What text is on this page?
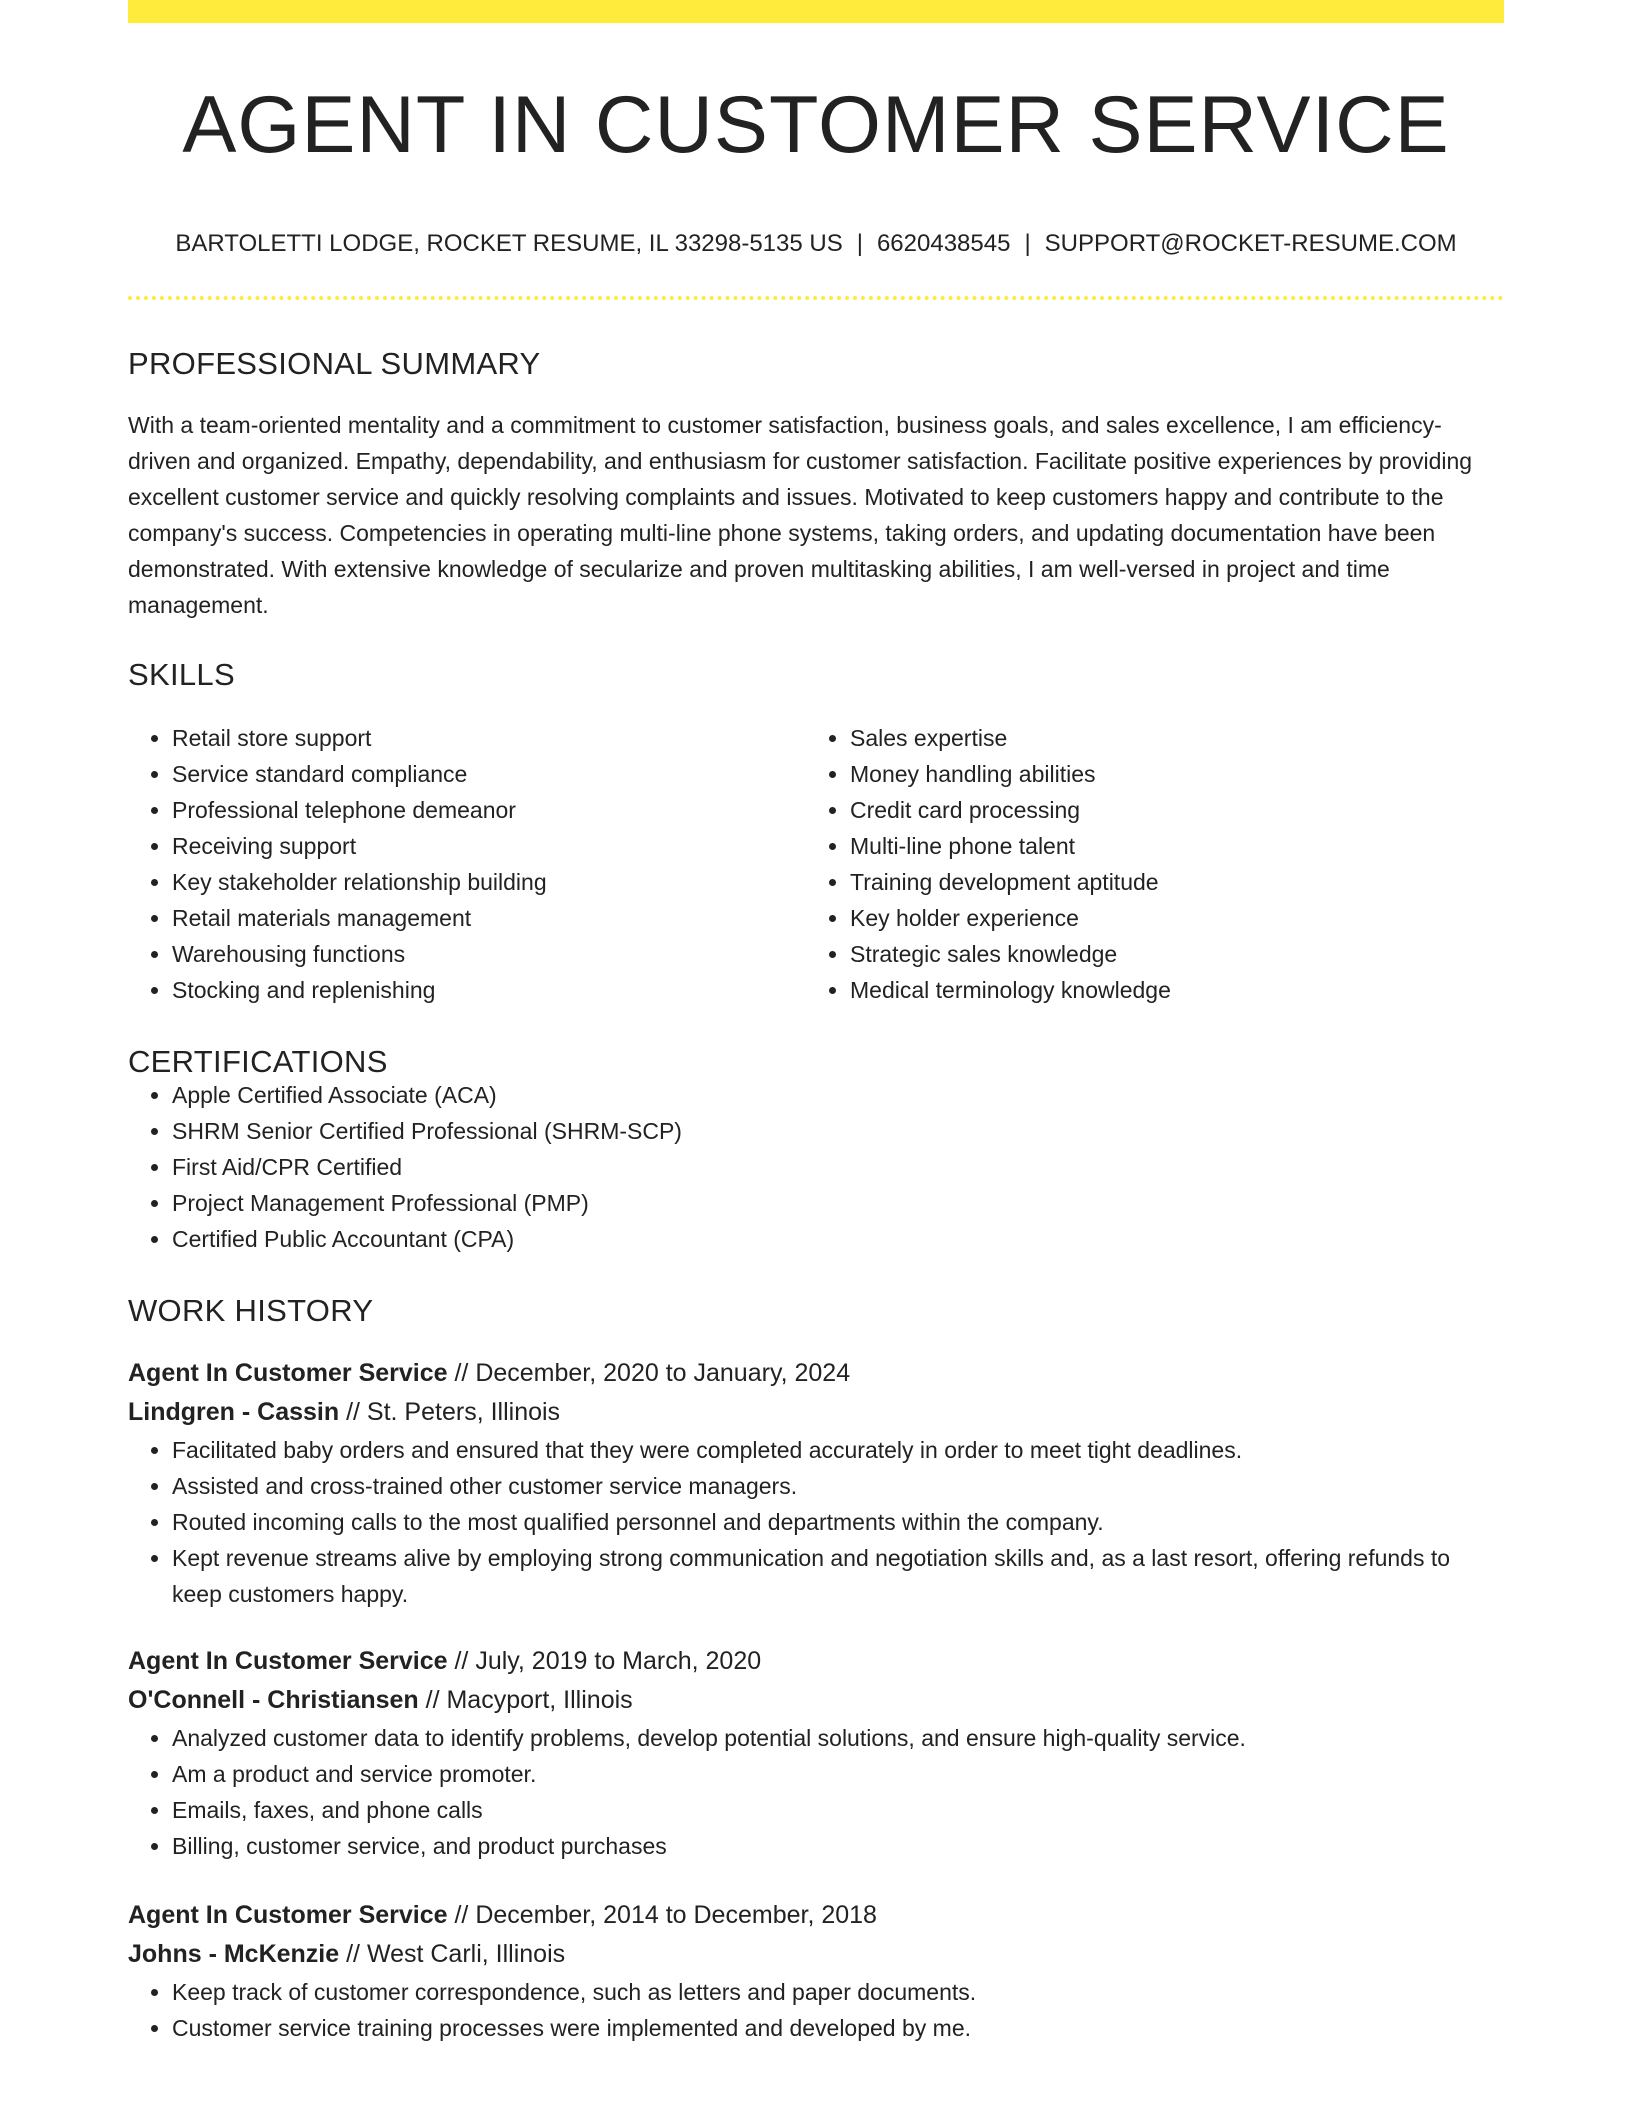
AGENT IN CUSTOMER SERVICE
BARTOLETTI LODGE, ROCKET RESUME, IL 33298-5135 US | 6620438545 | SUPPORT@ROCKET-RESUME.COM
PROFESSIONAL SUMMARY

With a team-oriented mentality and a commitment to customer satisfaction, business goals, and sales excellence, I am efficiency-driven and organized. Empathy, dependability, and enthusiasm for customer satisfaction. Facilitate positive experiences by providing excellent customer service and quickly resolving complaints and issues. Motivated to keep customers happy and contribute to the company's success. Competencies in operating multi-line phone systems, taking orders, and updating documentation have been demonstrated. With extensive knowledge of secularize and proven multitasking abilities, I am well-versed in project and time management.

SKILLS
• Retail store support
• Service standard compliance
• Professional telephone demeanor
• Receiving support
• Key stakeholder relationship building
• Retail materials management
• Warehousing functions
• Stocking and replenishing
• Sales expertise
• Money handling abilities
• Credit card processing
• Multi-line phone talent
• Training development aptitude
• Key holder experience
• Strategic sales knowledge
• Medical terminology knowledge
CERTIFICATIONS
• Apple Certified Associate (ACA)
• SHRM Senior Certified Professional (SHRM-SCP)
• First Aid/CPR Certified
• Project Management Professional (PMP)
• Certified Public Accountant (CPA)
WORK HISTORY
Agent In Customer Service // December, 2020 to January, 2024
Lindgren - Cassin // St. Peters, Illinois
• Facilitated baby orders and ensured that they were completed accurately in order to meet tight deadlines.
• Assisted and cross-trained other customer service managers.
• Routed incoming calls to the most qualified personnel and departments within the company.
• Kept revenue streams alive by employing strong communication and negotiation skills and, as a last resort, offering refunds to keep customers happy.
Agent In Customer Service // July, 2019 to March, 2020
O'Connell - Christiansen // Macyport, Illinois
• Analyzed customer data to identify problems, develop potential solutions, and ensure high-quality service.
• Am a product and service promoter.
• Emails, faxes, and phone calls
• Billing, customer service, and product purchases
Agent In Customer Service // December, 2014 to December, 2018
Johns - McKenzie // West Carli, Illinois
• Keep track of customer correspondence, such as letters and paper documents.
• Customer service training processes were implemented and developed by me.
